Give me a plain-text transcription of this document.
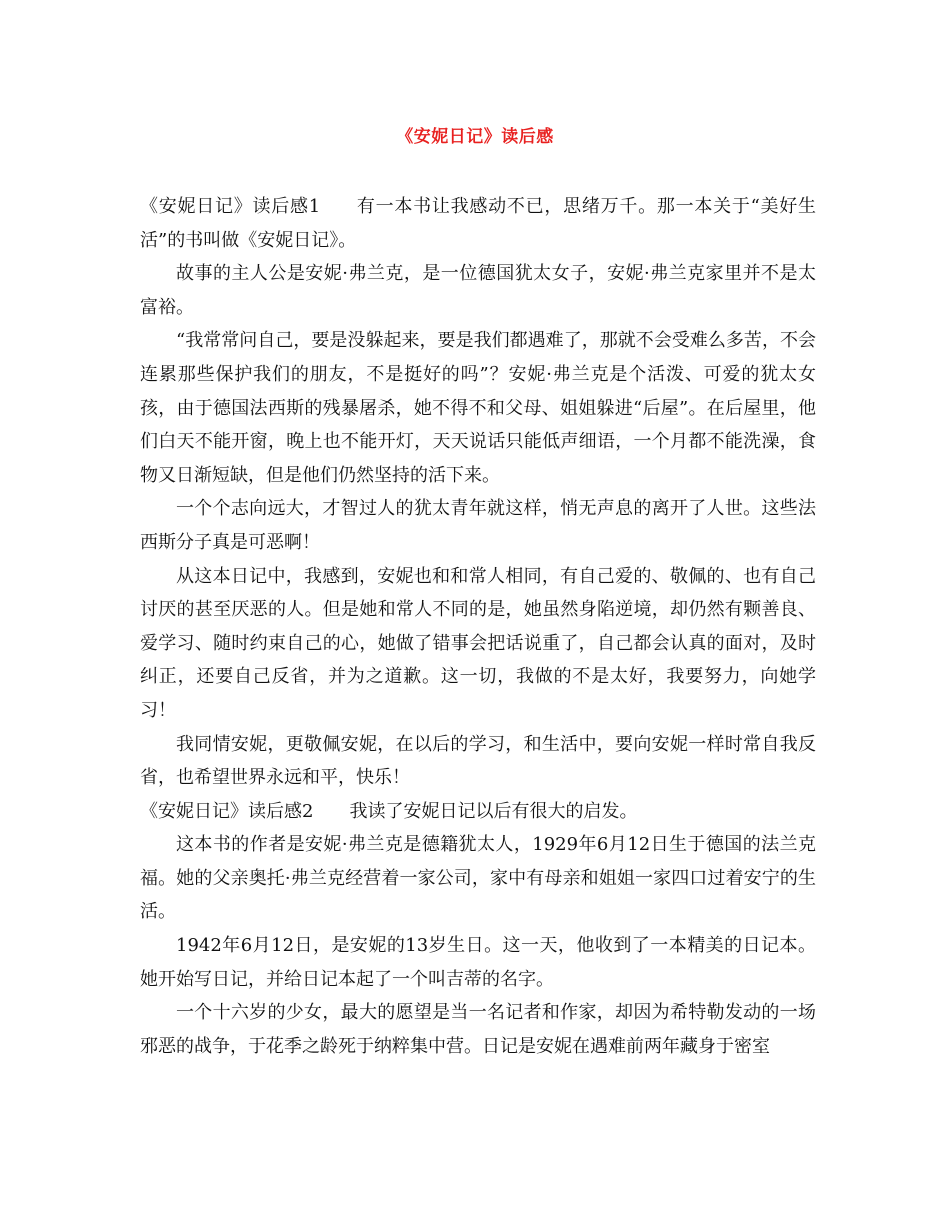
《安妮日记》读后感

《安妮日记》读后感1 有一本书让我感动不已，思绪万千。那一本关于“美好生活”的书叫做《安妮日记》。

故事的主人公是安妮·弗兰克，是一位德国犹太女子，安妮·弗兰克家里并不是太富裕。

“我常常问自己，要是没躲起来，要是我们都遇难了，那就不会受难么多苦，不会连累那些保护我们的朋友，不是挺好的吗”？安妮·弗兰克是个活泼、可爱的犹太女孩，由于德国法西斯的残暴屠杀，她不得不和父母、姐姐躲进“后屋”。在后屋里，他们白天不能开窗，晚上也不能开灯，天天说话只能低声细语，一个月都不能洗澡，食物又日渐短缺，但是他们仍然坚持的活下来。

一个个志向远大，才智过人的犹太青年就这样，悄无声息的离开了人世。这些法西斯分子真是可恶啊！

从这本日记中，我感到，安妮也和和常人相同，有自己爱的、敬佩的、也有自己讨厌的甚至厌恶的人。但是她和常人不同的是，她虽然身陷逆境，却仍然有颗善良、爱学习、随时约束自己的心，她做了错事会把话说重了，自己都会认真的面对，及时纠正，还要自己反省，并为之道歉。这一切，我做的不是太好，我要努力，向她学习！

我同情安妮，更敬佩安妮，在以后的学习，和生活中，要向安妮一样时常自我反省，也希望世界永远和平，快乐！

《安妮日记》读后感2 我读了安妮日记以后有很大的启发。

这本书的作者是安妮·弗兰克是德籍犹太人，1929年6月12日生于德国的法兰克福。她的父亲奥托·弗兰克经营着一家公司，家中有母亲和姐姐一家四口过着安宁的生活。

1942年6月12日，是安妮的13岁生日。这一天，他收到了一本精美的日记本。她开始写日记，并给日记本起了一个叫吉蒂的名字。

一个十六岁的少女，最大的愿望是当一名记者和作家，却因为希特勒发动的一场邪恶的战争，于花季之龄死于纳粹集中营。日记是安妮在遇难前两年藏身于密室
